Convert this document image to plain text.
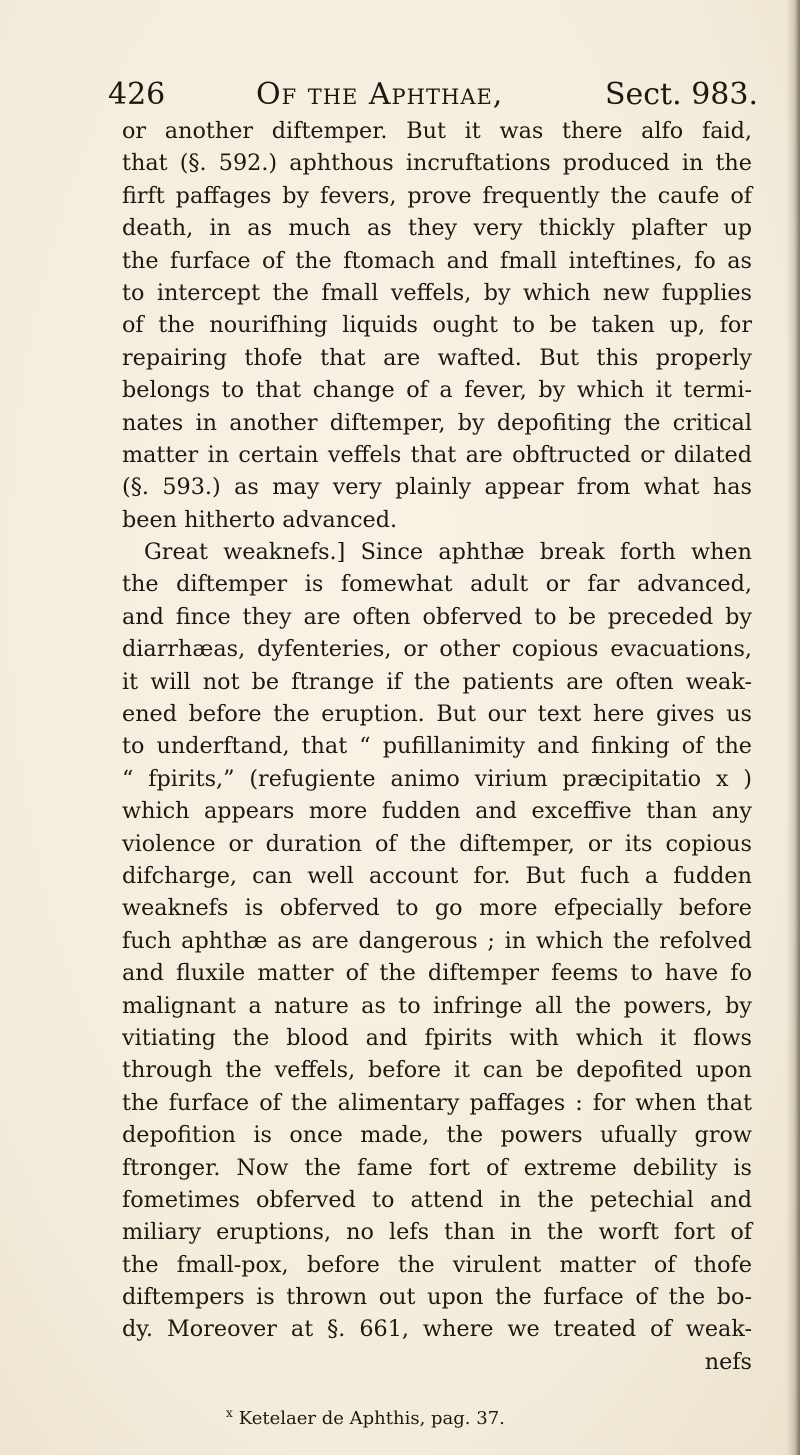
426	Of the Aphthae,	Sect. 983.
or another diftemper. But it was there alfo faid,
that (§. 592.) aphthous incruftations produced in the
firft paffages by fevers, prove frequently the caufe of
death, in as much as they very thickly plafter up
the furface of the ftomach and fmall inteftines, fo as
to intercept the fmall veffels, by which new fupplies
of the nourifhing liquids ought to be taken up, for
repairing thofe that are wafted. But this properly
belongs to that change of a fever, by which it termi-
nates in another diftemper, by depofiting the critical
matter in certain veffels that are obftructed or dilated
(§. 593.) as may very plainly appear from what has
been hitherto advanced.
Great weaknefs.] Since aphthæ break forth when
the diftemper is fomewhat adult or far advanced,
and fince they are often obferved to be preceded by
diarrhæas, dyfenteries, or other copious evacuations,
it will not be ftrange if the patients are often weak-
ened before the eruption. But our text here gives us
to underftand, that “ pufillanimity and finking of the
“ fpirits,” (refugiente animo virium præcipitatio x )
which appears more fudden and exceffive than any
violence or duration of the diftemper, or its copious
difcharge, can well account for. But fuch a fudden
weaknefs is obferved to go more efpecially before
fuch aphthæ as are dangerous ; in which the refolved
and fluxile matter of the diftemper feems to have fo
malignant a nature as to infringe all the powers, by
vitiating the blood and fpirits with which it flows
through the veffels, before it can be depofited upon
the furface of the alimentary paffages : for when that
depofition is once made, the powers ufually grow
ftronger. Now the fame fort of extreme debility is
fometimes obferved to attend in the petechial and
miliary eruptions, no lefs than in the worft fort of
the fmall-pox, before the virulent matter of thofe
diftempers is thrown out upon the furface of the bo-
dy. Moreover at §. 661, where we treated of weak-
nefs
$^x$ Ketelaer de Aphthis, pag. 37.
